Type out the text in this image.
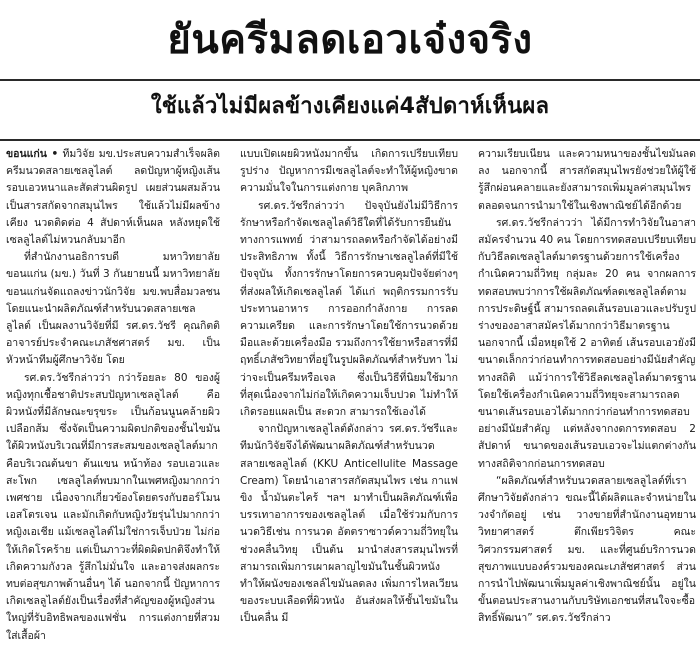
ยันครีมลดเอวเจ๋งจริง
ใช้แล้วไม่มีผลข้างเคียงแค่4สัปดาห์เห็นผล

ขอนแก่น • ทีมวิจัย มข.ประสบความสำเร็จผลิตครีมนวดสลายเซลลูไลต์ ลดปัญหาผู้หญิงเส้นรอบเอวหนาและสัดส่วนผิดรูป เผยส่วนผสมล้วนเป็นสารสกัดจากสมุนไพร ใช้แล้วไม่มีผลข้างเคียง นวดติดต่อ 4 สัปดาห์เห็นผล หลังหยุดใช้เซลลูไลต์ไม่หวนกลับมาอีก

ที่สำนักงานอธิการบดี มหาวิทยาลัยขอนแก่น (มข.) วันที่ 3 กันยายนนี้ มหาวิทยาลัยขอนแก่นจัดแถลงข่าวนักวิจัย มข.พบสื่อมวลชน โดยแนะนำผลิตภัณฑ์สำหรับนวดสลายเซลลูไลต์ เป็นผลงานวิจัยที่มี รศ.ดร.วัชรี คุณกิตติ อาจารย์ประจำคณะเภสัชศาสตร์ มข. เป็นหัวหน้าทีมผู้ศึกษาวิจัย โดย

รศ.ดร.วัชรีกล่าวว่า กว่าร้อยละ 80 ของผู้หญิงทุกเชื้อชาติประสบปัญหาเซลลูไลต์ คือผิวหนังที่มีลักษณะขรุขระ เป็นก้อนนูนคล้ายผิวเปลือกส้ม ซึ่งจัดเป็นความผิดปกติของชั้นไขมันใต้ผิวหนังบริเวณที่มีการสะสมของเซลลูไลต์มากคือบริเวณต้นขา ต้นแขน หน้าท้อง รอบเอวและสะโพก เซลลูไลต์พบมากในเพศหญิงมากกว่าเพศชาย เนื่องจากเกี่ยวข้องโดยตรงกับฮอร์โมนเอสโตรเจน และมักเกิดกับหญิงวัยรุ่นไปมากกว่าหญิงเอเชีย แม้เซลลูไลต์ไม่ใช่การเจ็บป่วย ไม่ก่อให้เกิดโรคร้าย แต่เป็นภาวะที่ผิดผิดปกติจึงทำให้เกิดความกังวล รู้สึกไม่มั่นใจ และอาจส่งผลกระทบต่อสุขภาพด้านอื่นๆ ได้ นอกจากนี้ ปัญหาการเกิดเซลลูไลต์ยังเป็นเรื่องที่สำคัญของผู้หญิงส่วนใหญ่ที่รับอิทธิพลของแฟชั่น การแต่งกายที่สวมใส่เสื้อผ้า

แบบเปิดเผยผิวหนังมากขึ้น เกิดการเปรียบเทียบรูปร่าง ปัญหาการมีเซลลูไลต์จะทำให้ผู้หญิงขาดความมั่นใจในการแต่งกาย บุคลิกภาพ

รศ.ดร.วัชรีกล่าวว่า ปัจจุบันยังไม่มีวิธีการรักษาหรือกำจัดเซลลูไลต์วิธีใดที่ได้รับการยืนยันทางการแพทย์ ว่าสามารถลดหรือกำจัดได้อย่างมีประสิทธิภาพ ทั้งนี้ วิธีการรักษาเซลลูไลต์ที่มีใช้ปัจจุบัน ทั้งการรักษาโดยการควบคุมปัจจัยต่างๆ ที่ส่งผลให้เกิดเซลลูไลต์ ได้แก่ พฤติกรรมการรับประทานอาหาร การออกกำลังกาย การลดความเครียด และการรักษาโดยใช้การนวดด้วยมือและด้วยเครื่องมือ รวมถึงการใช้ยาหรือสารที่มีฤทธิ์เภสัชวิทยาที่อยู่ในรูปผลิตภัณฑ์สำหรับทา ไม่ว่าจะเป็นครีมหรือเจล ซึ่งเป็นวิธีที่นิยมใช้มากที่สุดเนื่องจากไม่ก่อให้เกิดความเจ็บปวด ไม่ทำให้เกิดรอยแผลเป็น สะดวก สามารถใช้เองได้

จากปัญหาเซลลูไลต์ดังกล่าว รศ.ดร.วัชรีและทีมนักวิจัยจึงได้พัฒนาผลิตภัณฑ์สำหรับนวดสลายเซลลูไลต์ (KKU Anticellulite Massage Cream) โดยนำเอาสารสกัดสมุนไพร เช่น กาแฟ ขิง น้ำมันตะไคร้ ฯลฯ มาทำเป็นผลิตภัณฑ์เพื่อบรรเทาอาการของเซลลูไลต์ เมื่อใช้ร่วมกับการนวดวิธีเช่น การนวด อัตตราซาวด์ความถี่วิทยุในช่วงคลื่นวิทยุ เป็นต้น มานำส่งสารสมุนไพรที่สามารถเพิ่มการเผาผลาญไขมันในชั้นผิวหนัง ทำให้ผนังของเซลล์ไขมันลดลง เพิ่มการไหลเวียนของระบบเลือดที่ผิวหนัง อันส่งผลให้ชั้นไขมันในเป็นคลื่น มี

ความเรียบเนียน และความหนาของชั้นไขมันลดลง นอกจากนี้ สารสกัดสมุนไพรยังช่วยให้ผู้ใช้รู้สึกผ่อนคลายและยังสามารถเพิ่มมูลค่าสมุนไพรตลอดจนการนำมาใช้ในเชิงพาณิชย์ได้อีกด้วย

รศ.ดร.วัชรีกล่าวว่า ได้มีการทำวิจัยในอาสาสมัครจำนวน 40 คน โดยการทดสอบเปรียบเทียบกับวิธีลดเซลลูไลต์มาตรฐานด้วยการใช้เครื่องกำเนิดความถี่วิทยุ กลุ่มละ 20 คน จากผลการทดสอบพบว่าการใช้ผลิตภัณฑ์ลดเซลลูไลต์ตามการประดิษฐ์นี้ สามารถลดเส้นรอบเอวและปรับรูปร่างของอาสาสมัครได้มากกว่าวิธีมาตรฐาน นอกจากนี้ เมื่อหยุดใช้ 2 อาทิตย์ เส้นรอบเอวยังมีขนาดเล็กกว่าก่อนทำการทดสอบอย่างมีนัยสำคัญทางสถิติ แม้ว่าการใช้วิธีลดเซลลูไลต์มาตรฐานโดยใช้เครื่องกำเนิดความถี่วิทยุจะสามารถลดขนาดเส้นรอบเอวได้มากกว่าก่อนทำการทดสอบอย่างมีนัยสำคัญ แต่หลังจากงดการทดสอบ 2 สัปดาห์ ขนาดของเส้นรอบเอวจะไม่แตกต่างกันทางสถิติจากก่อนการทดสอบ

“ผลิตภัณฑ์สำหรับนวดสลายเซลลูไลต์ที่เราศึกษาวิจัยดังกล่าว ขณะนี้ได้ผลิตและจำหน่ายในวงจำกัดอยู่ เช่น วางขายที่สำนักงานอุทยานวิทยาศาสตร์ ตึกเพียรวิจิตร คณะวิศวกรรมศาสตร์ มข. และที่ศูนย์บริการนวดสุขภาพแบบองค์รวมของคณะเภสัชศาสตร์ ส่วนการนำไปพัฒนาเพิ่มมูลค่าเชิงพาณิชย์นั้น อยู่ในขั้นตอนประสานงานกับบริษัทเอกชนที่สนใจจะซื้อสิทธิ์พัฒนา” รศ.ดร.วัชรีกล่าว
